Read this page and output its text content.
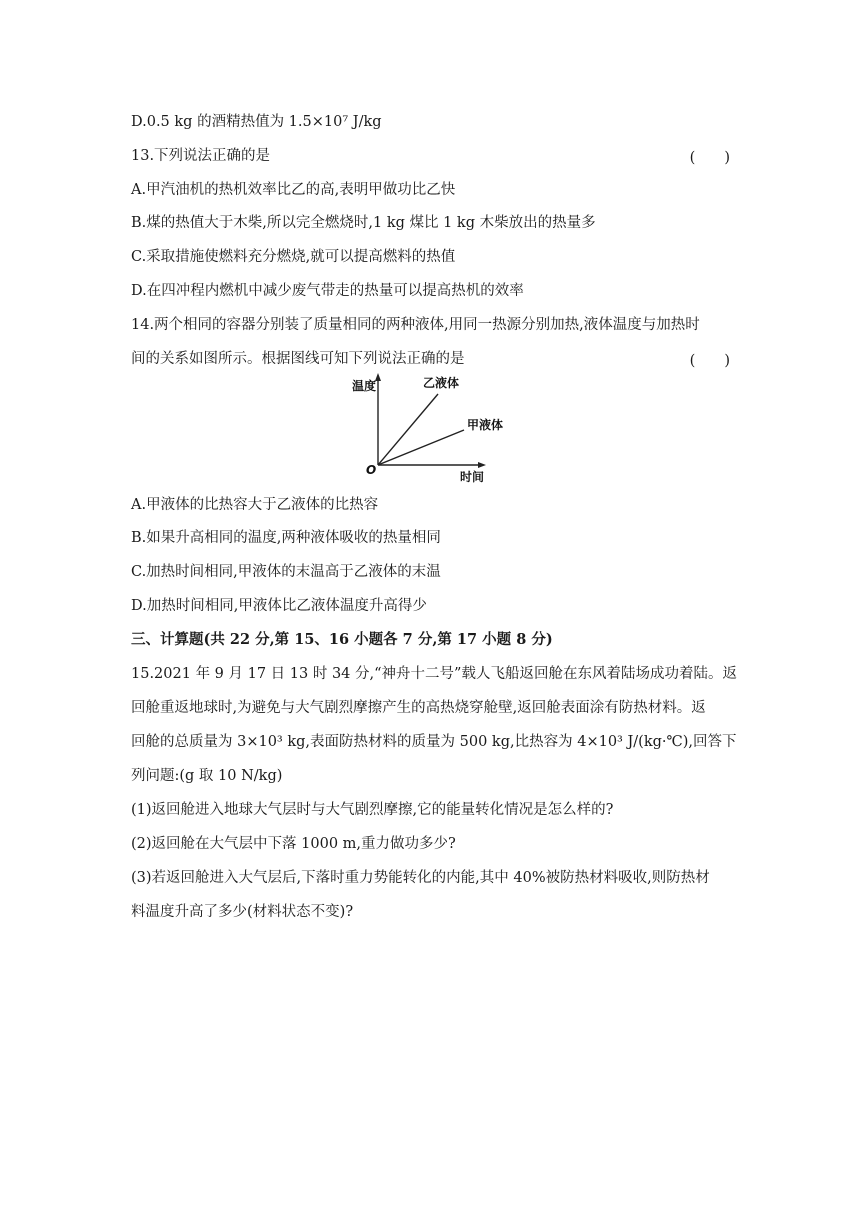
D.0.5 kg 的酒精热值为 1.5×10⁷ J/kg
13.下列说法正确的是	(　　)
A.甲汽油机的热机效率比乙的高,表明甲做功比乙快
B.煤的热值大于木柴,所以完全燃烧时,1 kg 煤比 1 kg 木柴放出的热量多
C.采取措施使燃料充分燃烧,就可以提高燃料的热值
D.在四冲程内燃机中减少废气带走的热量可以提高热机的效率
14.两个相同的容器分别装了质量相同的两种液体,用同一热源分别加热,液体温度与加热时
间的关系如图所示。根据图线可知下列说法正确的是	(　　)
温度
时间
O
乙液体
甲液体
A.甲液体的比热容大于乙液体的比热容
B.如果升高相同的温度,两种液体吸收的热量相同
C.加热时间相同,甲液体的末温高于乙液体的末温
D.加热时间相同,甲液体比乙液体温度升高得少
三、计算题(共 22 分,第 15、16 小题各 7 分,第 17 小题 8 分)
15.2021 年 9 月 17 日 13 时 34 分,“神舟十二号”载人飞船返回舱在东风着陆场成功着陆。返
回舱重返地球时,为避免与大气剧烈摩擦产生的高热烧穿舱壁,返回舱表面涂有防热材料。返
回舱的总质量为 3×10³ kg,表面防热材料的质量为 500 kg,比热容为 4×10³ J/(kg·℃),回答下
列问题:(g 取 10 N/kg)
(1)返回舱进入地球大气层时与大气剧烈摩擦,它的能量转化情况是怎么样的?
(2)返回舱在大气层中下落 1000 m,重力做功多少?
(3)若返回舱进入大气层后,下落时重力势能转化的内能,其中 40%被防热材料吸收,则防热材
料温度升高了多少(材料状态不变)?
